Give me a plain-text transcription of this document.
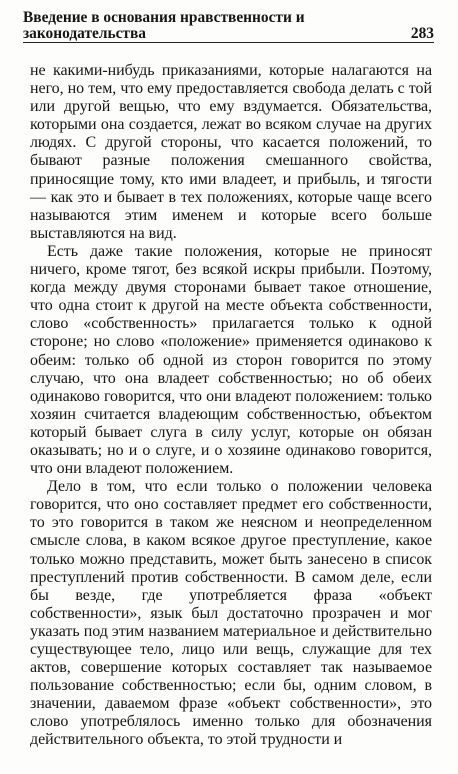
Введение в основания нравственности и законодательства	283

не какими-нибудь приказаниями, которые налагаются на него, но тем, что ему предоставляется свобода делать с той или другой вещью, что ему вздумается. Обязательства, которыми она создается, лежат во всяком случае на других людях. С другой стороны, что касается положений, то бывают разные положения смешанного свойства, приносящие тому, кто ими владеет, и прибыль, и тягости — как это и бывает в тех положениях, которые чаще всего называются этим именем и которые всего больше выставляются на вид.

Есть даже такие положения, которые не приносят ничего, кроме тягот, без всякой искры прибыли. Поэтому, когда между двумя сторонами бывает такое отношение, что одна стоит к другой на месте объекта собственности, слово «собственность» прилагается только к одной стороне; но слово «положение» применяется одинаково к обеим: только об одной из сторон говорится по этому случаю, что она владеет собственностью; но об обеих одинаково говорится, что они владеют положением: только хозяин считается владеющим собственностью, объектом который бывает слуга в силу услуг, которые он обязан оказывать; но и о слуге, и о хозяине одинаково говорится, что они владеют положением.

Дело в том, что если только о положении человека говорится, что оно составляет предмет его собственности, то это говорится в таком же неясном и неопределенном смысле слова, в каком всякое другое преступление, какое только можно представить, может быть занесено в список преступлений против собственности. В самом деле, если бы везде, где употребляется фраза «объект собственности», язык был достаточно прозрачен и мог указать под этим названием материальное и действительно существующее тело, лицо или вещь, служащие для тех актов, совершение которых составляет так называемое пользование собственностью; если бы, одним словом, в значении, даваемом фразе «объект собственности», это слово употреблялось именно только для обозначения действительного объекта, то этой трудности и
